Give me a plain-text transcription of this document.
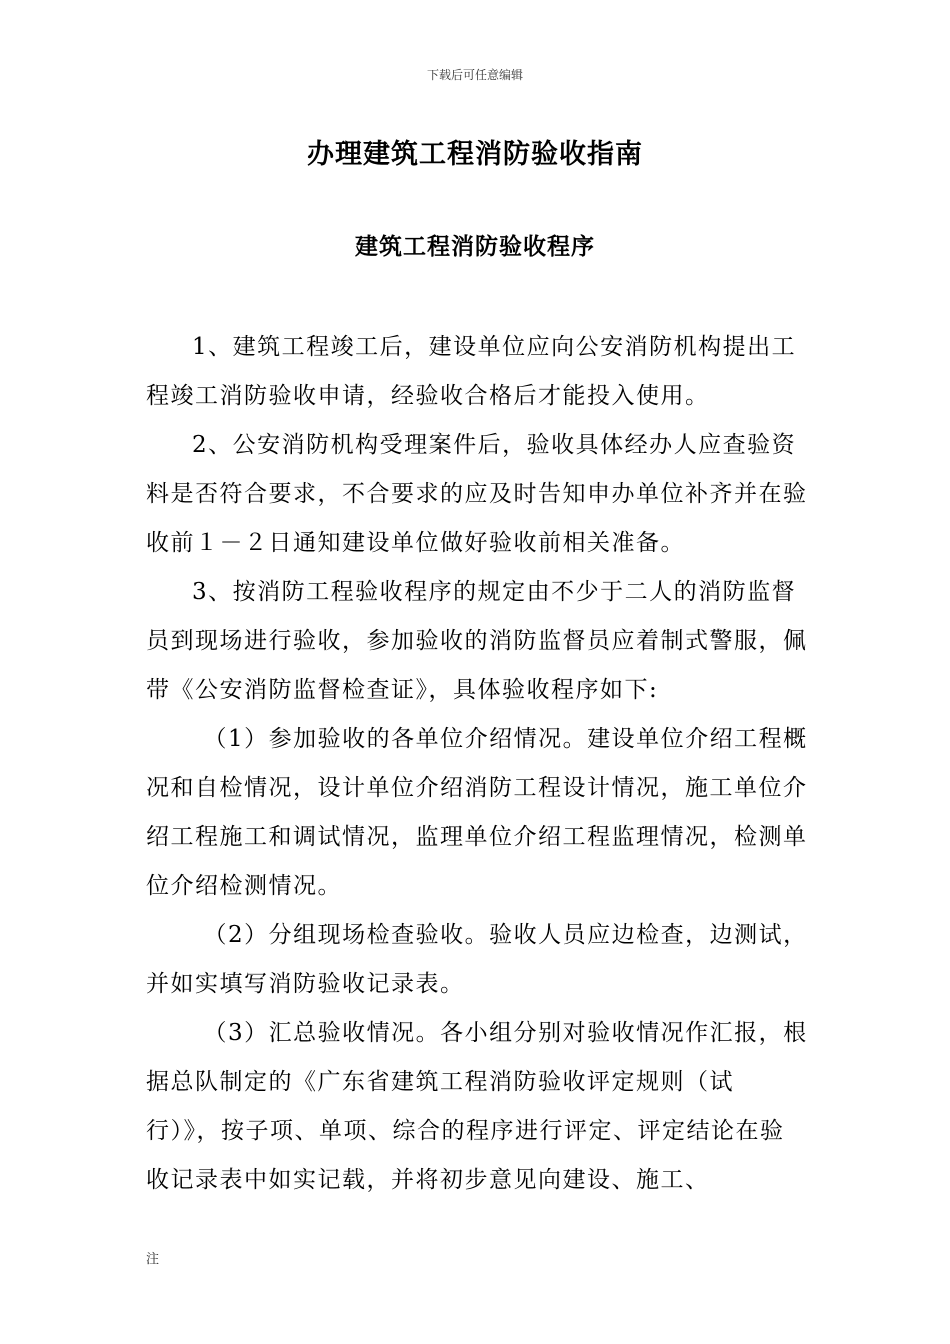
下载后可任意编辑
办理建筑工程消防验收指南
建筑工程消防验收程序

1、建筑工程竣工后，建设单位应向公安消防机构提出工程竣工消防验收申请，经验收合格后才能投入使用。

2、公安消防机构受理案件后，验收具体经办人应查验资料是否符合要求，不合要求的应及时告知申办单位补齐并在验收前１－２日通知建设单位做好验收前相关准备。

3、按消防工程验收程序的规定由不少于二人的消防监督员到现场进行验收，参加验收的消防监督员应着制式警服，佩带《公安消防监督检查证》，具体验收程序如下:

（1）参加验收的各单位介绍情况。建设单位介绍工程概况和自检情况，设计单位介绍消防工程设计情况，施工单位介绍工程施工和调试情况，监理单位介绍工程监理情况，检测单位介绍检测情况。

（2）分组现场检查验收。验收人员应边检查，边测试，并如实填写消防验收记录表。

（3）汇总验收情况。各小组分别对验收情况作汇报，根据总队制定的《广东省建筑工程消防验收评定规则（试行）》，按子项、单项、综合的程序进行评定、评定结论在验收记录表中如实记载，并将初步意见向建设、施工、

注
